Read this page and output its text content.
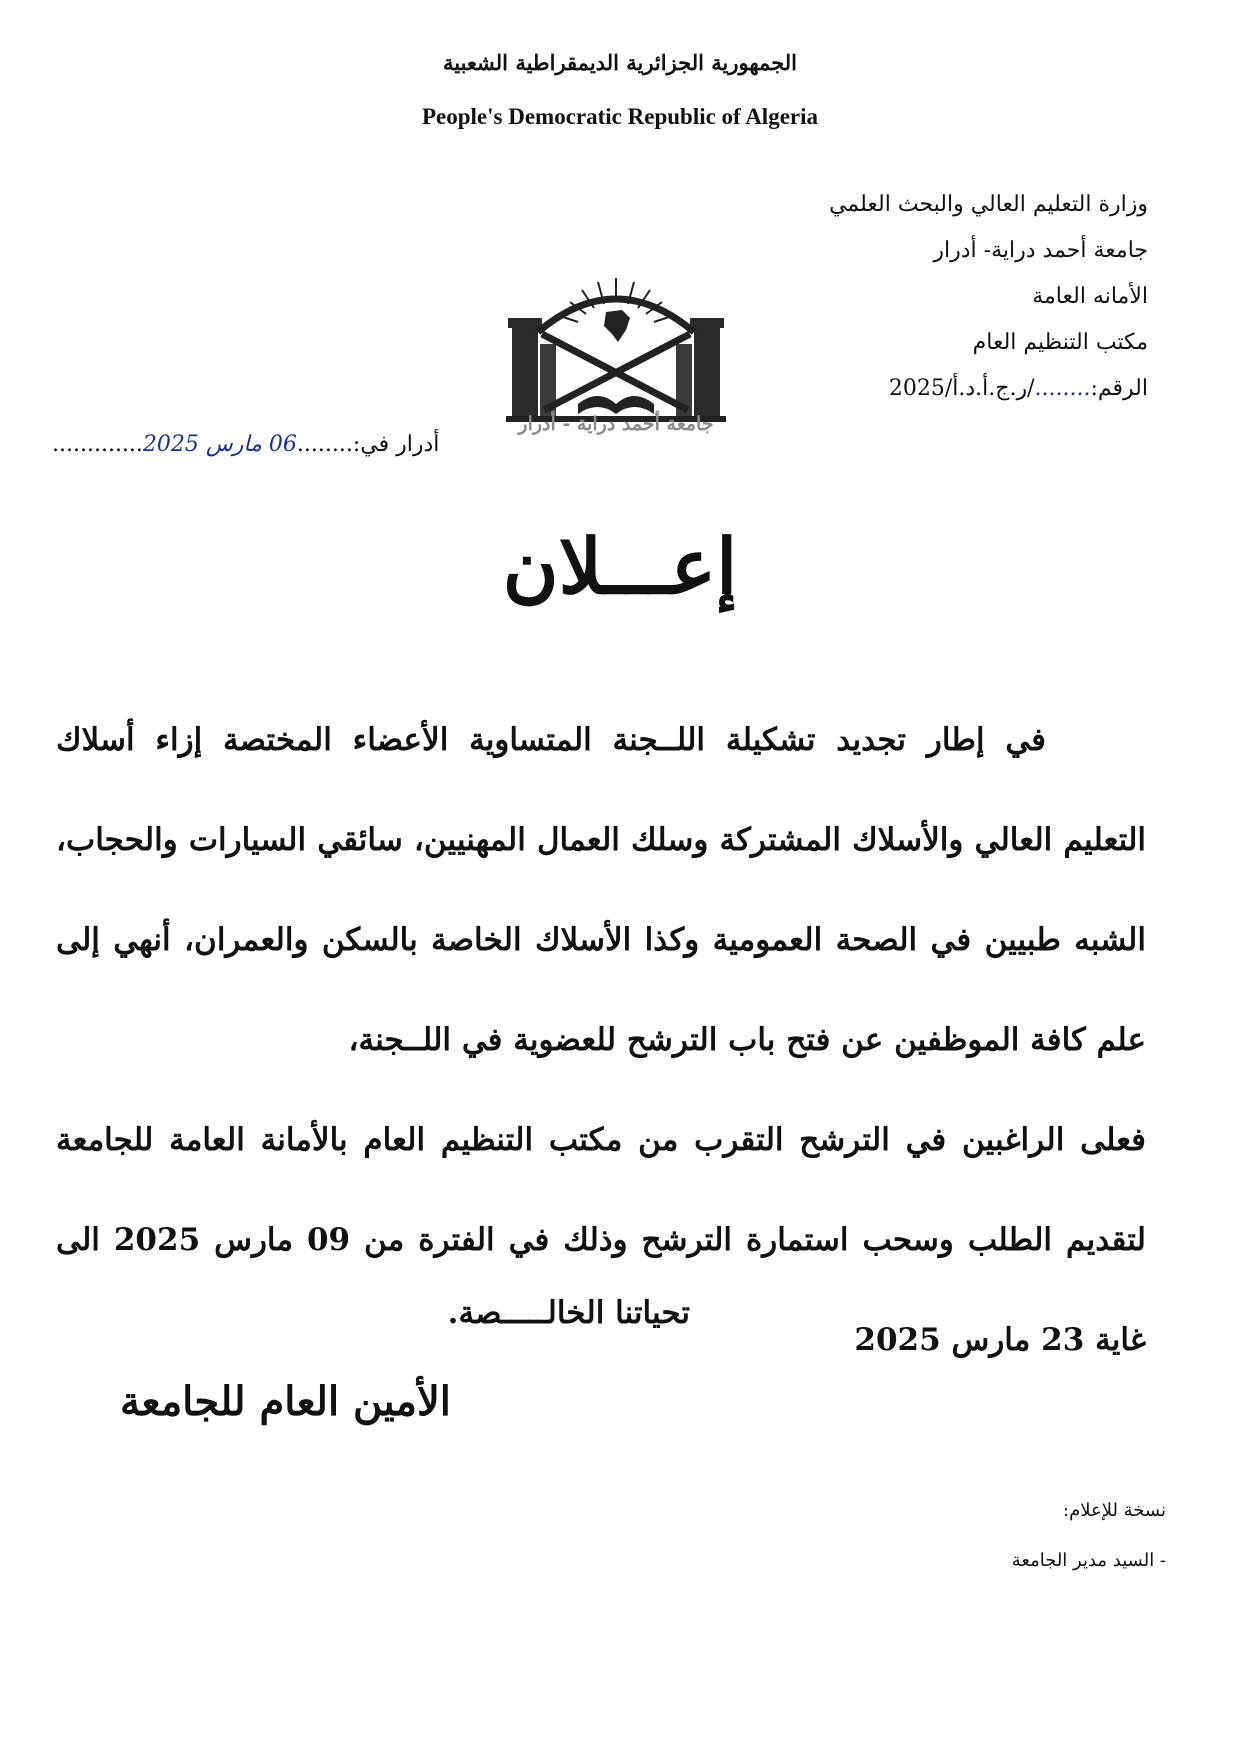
الجمهورية الجزائرية الديمقراطية الشعبية
People's Democratic Republic of Algeria
وزارة التعليم العالي والبحث العلمي
جامعة أحمد دراية- أدرار
الأمانه العامة
مكتب التنظيم العام
الرقم:......../ر.ج.أ.د.أ/2025
جامعة أحمد دراية - أدرار
أدرار في:........06 مارس 2025.............
إعـــلان

في إطار تجديد تشكيلة اللــجنة المتساوية الأعضاء المختصة إزاء أسلاك التعليم العالي والأسلاك المشتركة وسلك العمال المهنيين، سائقي السيارات والحجاب، الشبه طبيين في الصحة العمومية وكذا الأسلاك الخاصة بالسكن والعمران، أنهي إلى علم كافة الموظفين عن فتح باب الترشح للعضوية في اللــجنة،

فعلى الراغبين في الترشح التقرب من مكتب التنظيم العام بالأمانة العامة للجامعة لتقديم الطلب وسحب استمارة الترشح وذلك في الفترة من 09 مارس 2025 الى غاية 23 مارس 2025

تحياتنا الخالـــــصة.
الأمين العام للجامعة
نسخة للإعلام:
- السيد مدير الجامعة
